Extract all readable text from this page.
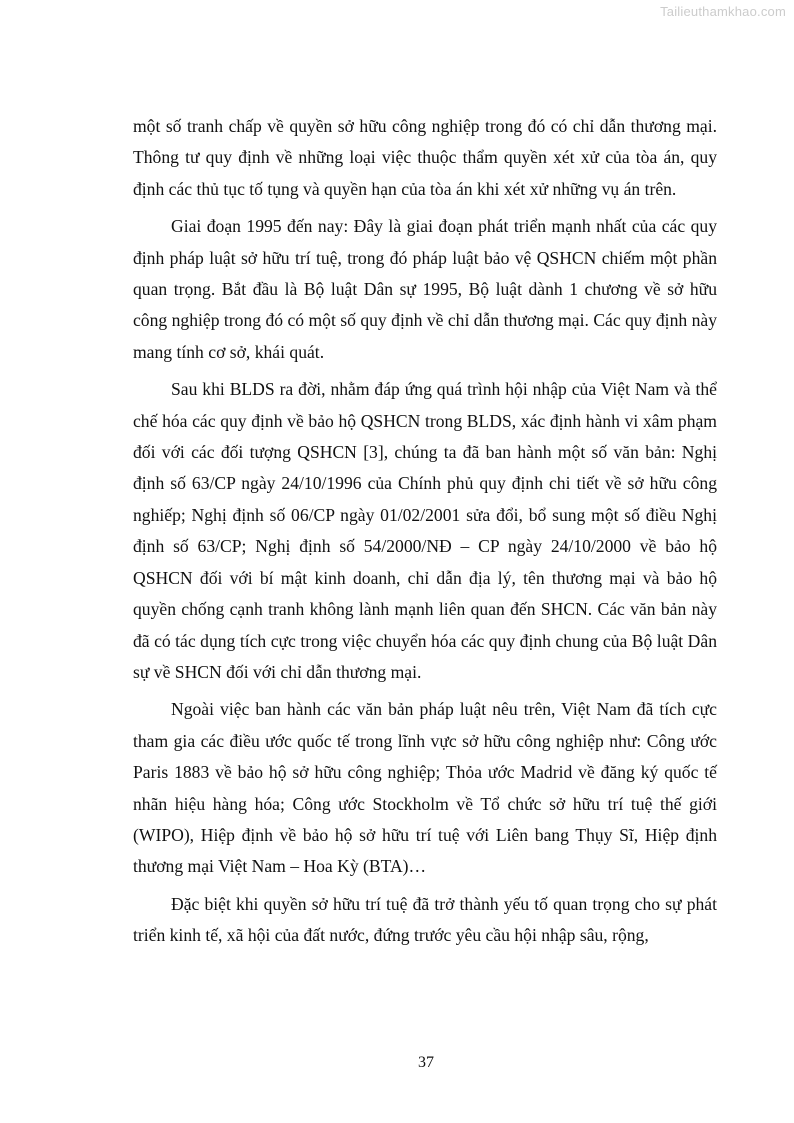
Tailieuthamkhao.com

một số tranh chấp về quyền sở hữu công nghiệp trong đó có chỉ dẫn thương mại. Thông tư quy định về những loại việc thuộc thẩm quyền xét xử của tòa án, quy định các thủ tục tố tụng và quyền hạn của tòa án khi xét xử những vụ án trên.

Giai đoạn 1995 đến nay: Đây là giai đoạn phát triển mạnh nhất của các quy định pháp luật sở hữu trí tuệ, trong đó pháp luật bảo vệ QSHCN chiếm một phần quan trọng. Bắt đầu là Bộ luật Dân sự 1995, Bộ luật dành 1 chương về sở hữu công nghiệp trong đó có một số quy định về chỉ dẫn thương mại. Các quy định này mang tính cơ sở, khái quát.

Sau khi BLDS ra đời, nhằm đáp ứng quá trình hội nhập của Việt Nam và thể chế hóa các quy định về bảo hộ QSHCN trong BLDS, xác định hành vi xâm phạm đối với các đối tượng QSHCN [3], chúng ta đã ban hành một số văn bản: Nghị định số 63/CP ngày 24/10/1996 của Chính phủ quy định chi tiết về sở hữu công nghiếp; Nghị định số 06/CP ngày 01/02/2001 sửa đổi, bổ sung một số điều Nghị định số 63/CP; Nghị định số 54/2000/NĐ – CP ngày 24/10/2000 về bảo hộ QSHCN đối với bí mật kinh doanh, chỉ dẫn địa lý, tên thương mại và bảo hộ quyền chống cạnh tranh không lành mạnh liên quan đến SHCN. Các văn bản này đã có tác dụng tích cực trong việc chuyển hóa các quy định chung của Bộ luật Dân sự về SHCN đối với chỉ dẫn thương mại.

Ngoài việc ban hành các văn bản pháp luật nêu trên, Việt Nam đã tích cực tham gia các điều ước quốc tế trong lĩnh vực sở hữu công nghiệp như: Công ước Paris 1883 về bảo hộ sở hữu công nghiệp; Thỏa ước Madrid về đăng ký quốc tế nhãn hiệu hàng hóa; Công ước Stockholm về Tổ chức sở hữu trí tuệ thế giới (WIPO), Hiệp định về bảo hộ sở hữu trí tuệ với Liên bang Thụy Sĩ, Hiệp định thương mại Việt Nam – Hoa Kỳ (BTA)…

Đặc biệt khi quyền sở hữu trí tuệ đã trở thành yếu tố quan trọng cho sự phát triển kinh tế, xã hội của đất nước, đứng trước yêu cầu hội nhập sâu, rộng,

37
